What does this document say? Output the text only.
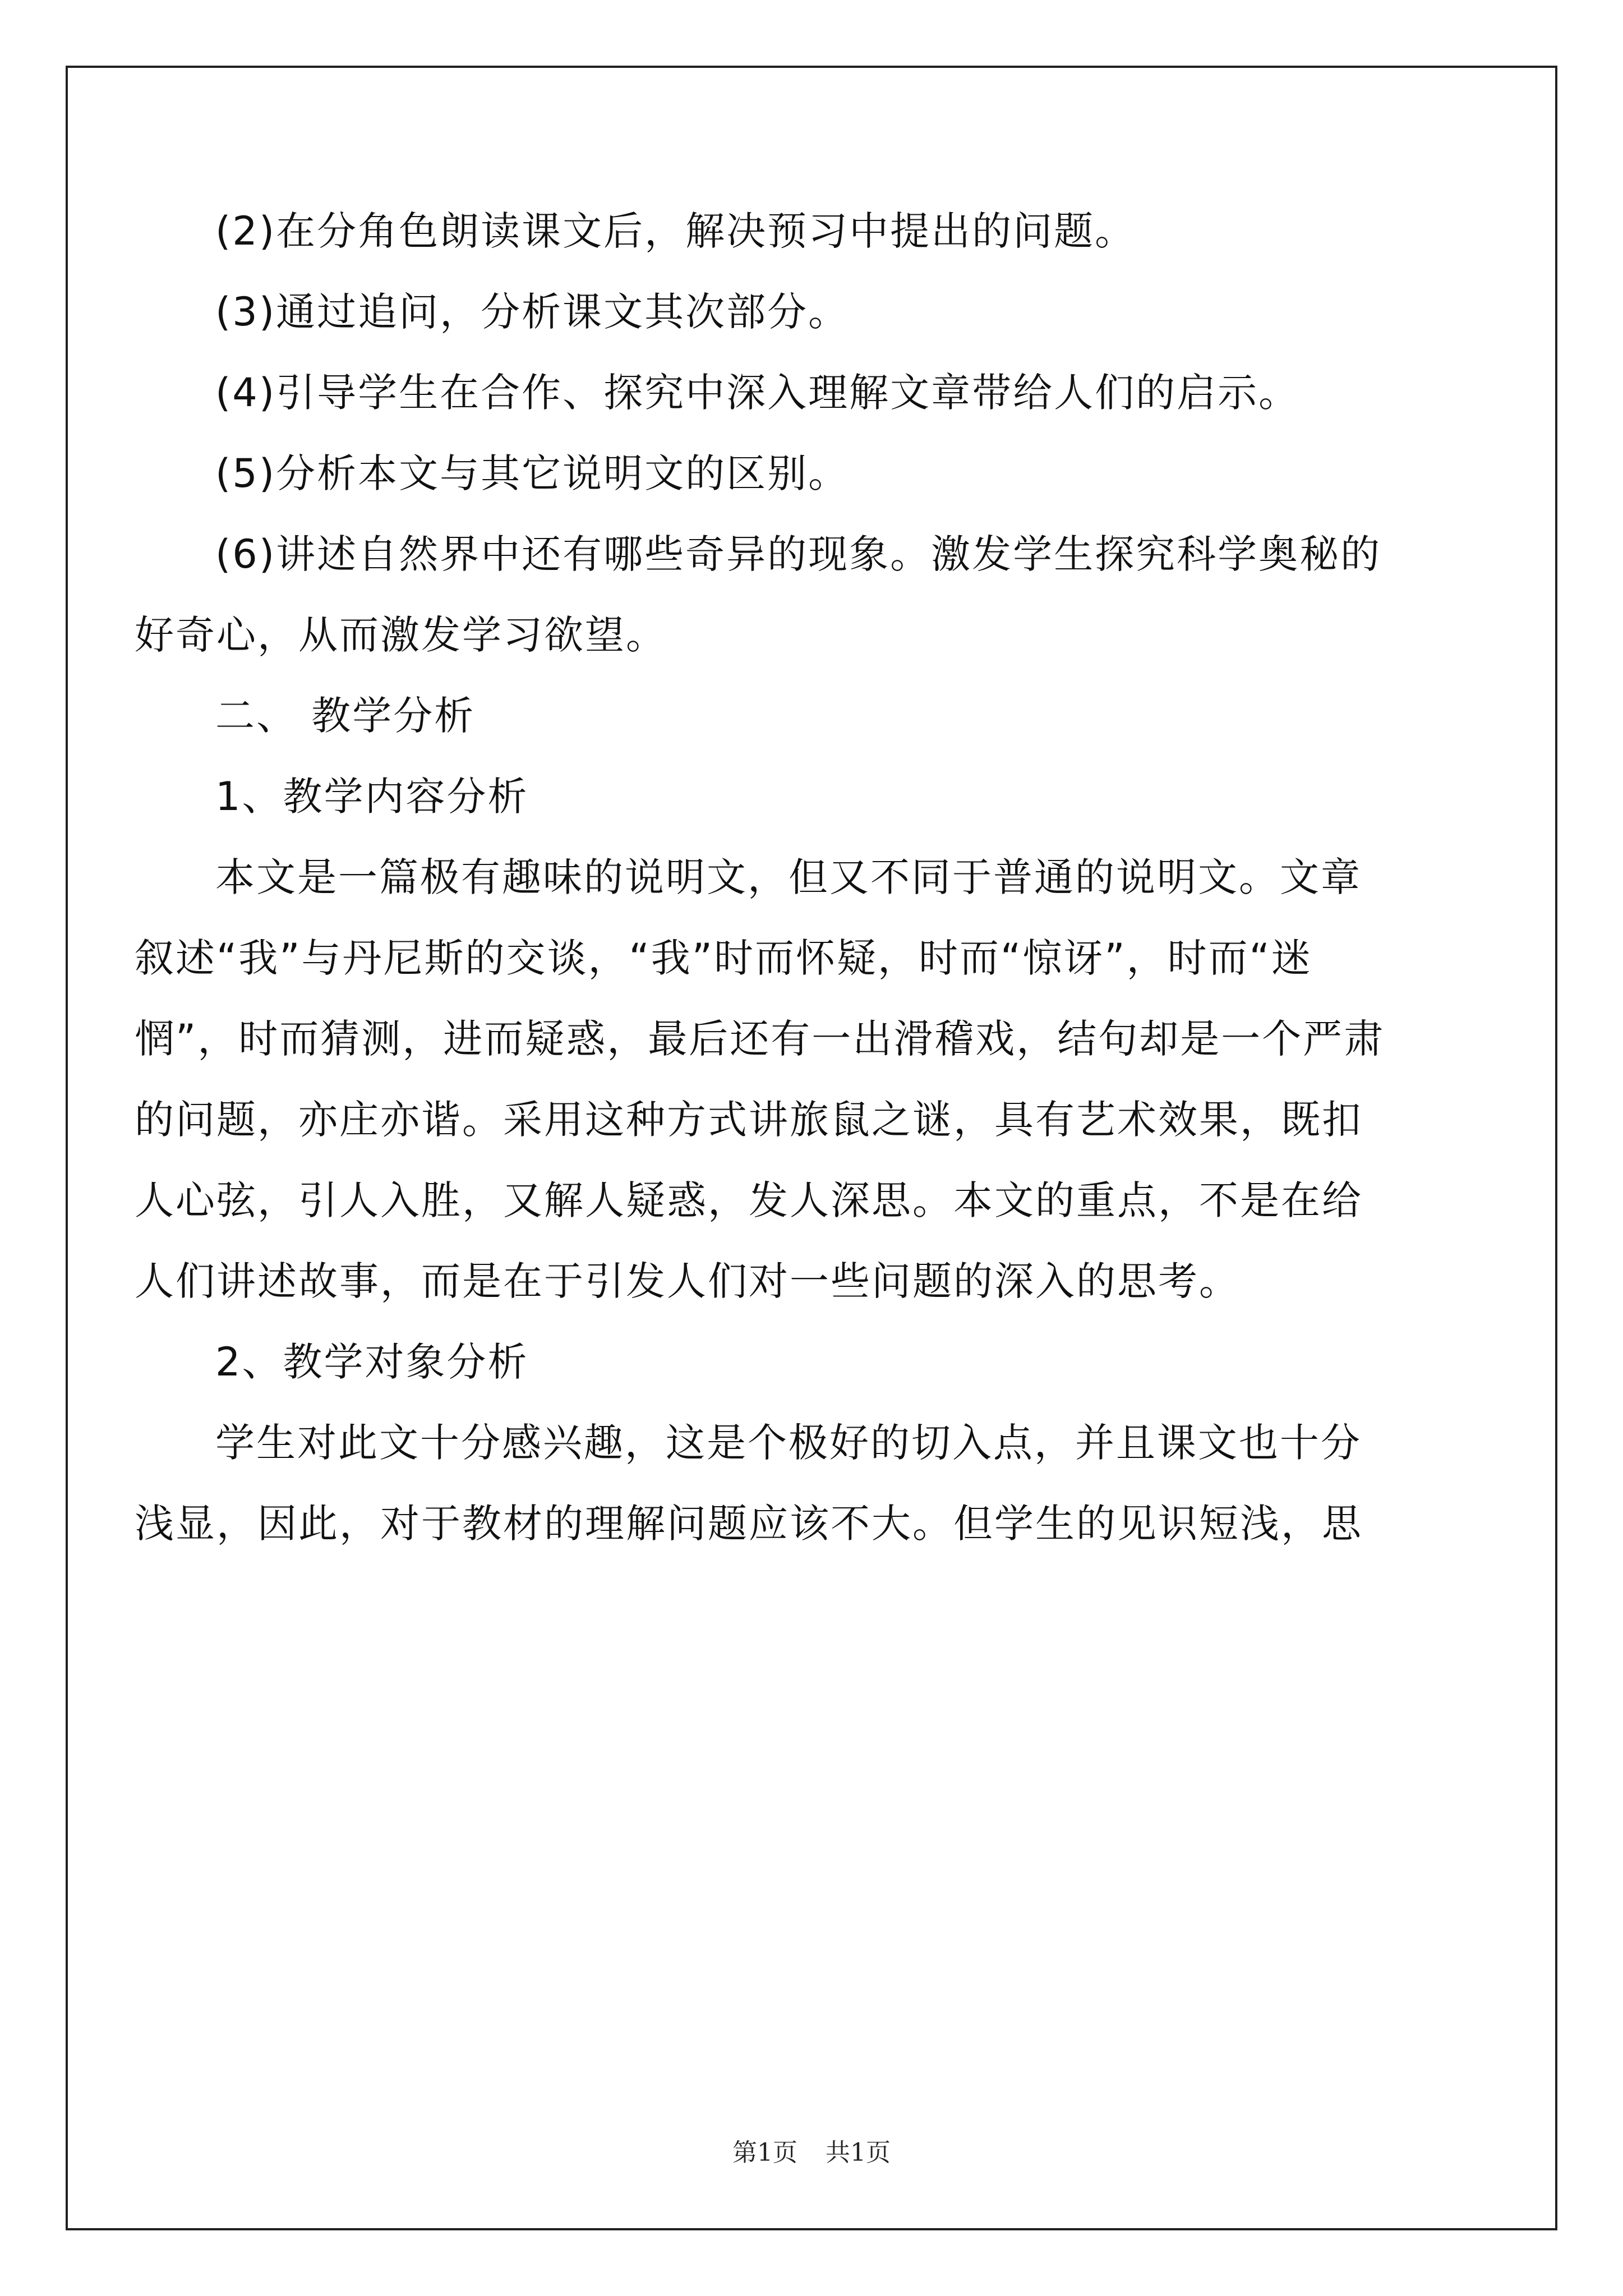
(2)在分角色朗读课文后，解决预习中提出的问题。
(3)通过追问，分析课文其次部分。
(4)引导学生在合作、探究中深入理解文章带给人们的启示。
(5)分析本文与其它说明文的区别。
(6)讲述自然界中还有哪些奇异的现象。激发学生探究科学奥秘的
好奇心，从而激发学习欲望。
二、 教学分析
1、教学内容分析
本文是一篇极有趣味的说明文，但又不同于普通的说明文。文章
叙述“我”与丹尼斯的交谈，“我”时而怀疑，时而“惊讶”，时而“迷
惘”，时而猜测，进而疑惑，最后还有一出滑稽戏，结句却是一个严肃
的问题，亦庄亦谐。采用这种方式讲旅鼠之谜，具有艺术效果，既扣
人心弦，引人入胜，又解人疑惑，发人深思。本文的重点，不是在给
人们讲述故事，而是在于引发人们对一些问题的深入的思考。
2、教学对象分析
学生对此文十分感兴趣，这是个极好的切入点，并且课文也十分
浅显，因此，对于教材的理解问题应该不大。但学生的见识短浅，思
第1页 共1页
